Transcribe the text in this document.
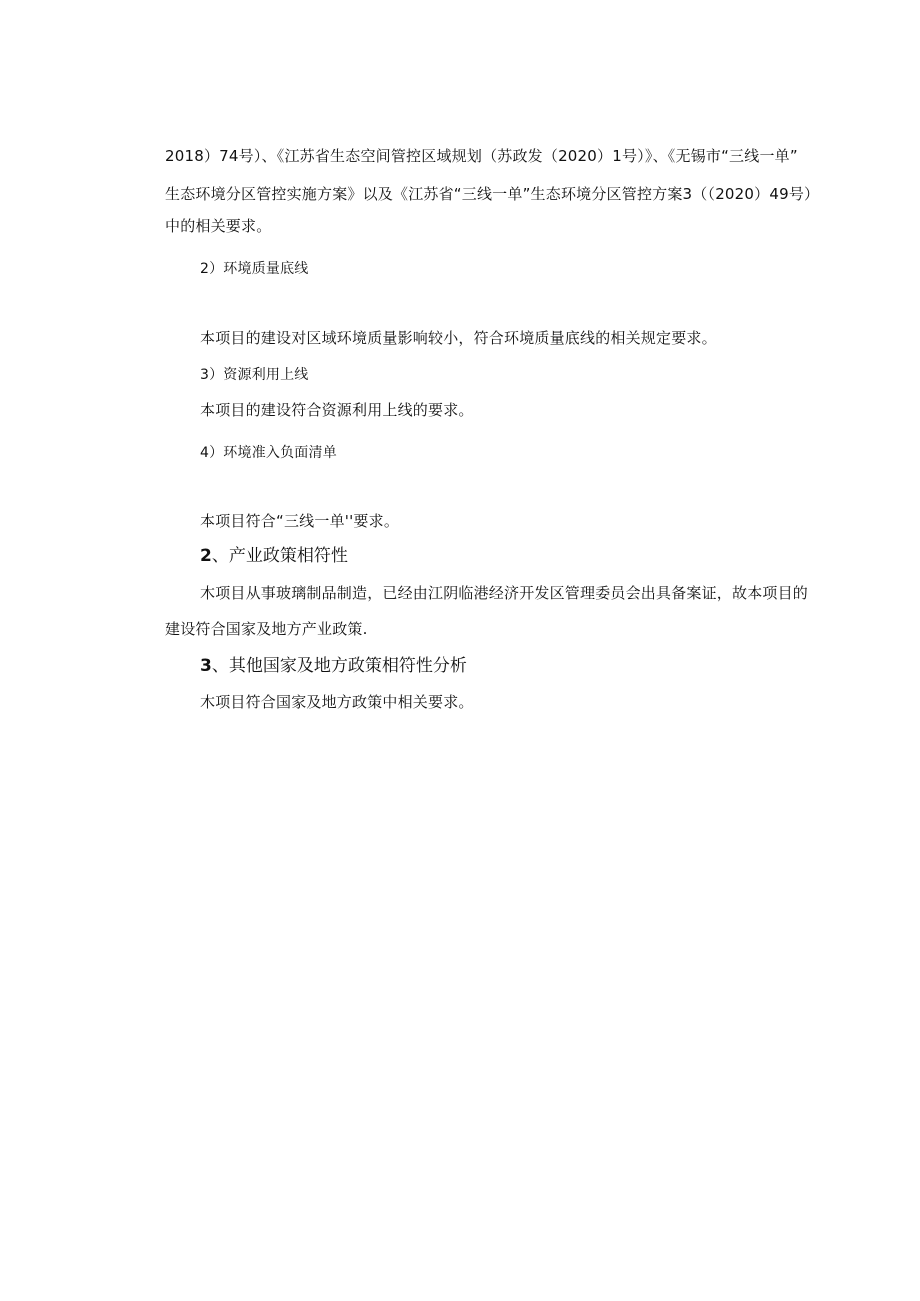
2018）74号）、《江苏省生态空间管控区域规划（苏政发（2020）1号）》、《无锡市“三线一单”
生态环境分区管控实施方案》以及《江苏省“三线一单”生态环境分区管控方案3（（2020）49号）
中的相关要求。
2）环境质量底线
本项目的建设对区域环境质量影响较小，符合环境质量底线的相关规定要求。
3）资源利用上线
本项目的建设符合资源利用上线的要求。
4）环境准入负面清单
本项目符合“三线一单''要求。
2、产业政策相符性
木项目从事玻璃制品制造，已经由江阴临港经济开发区管理委员会出具备案证，故本项目的
建设符合国家及地方产业政策.
3、其他国家及地方政策相符性分析
木项目符合国家及地方政策中相关要求。
